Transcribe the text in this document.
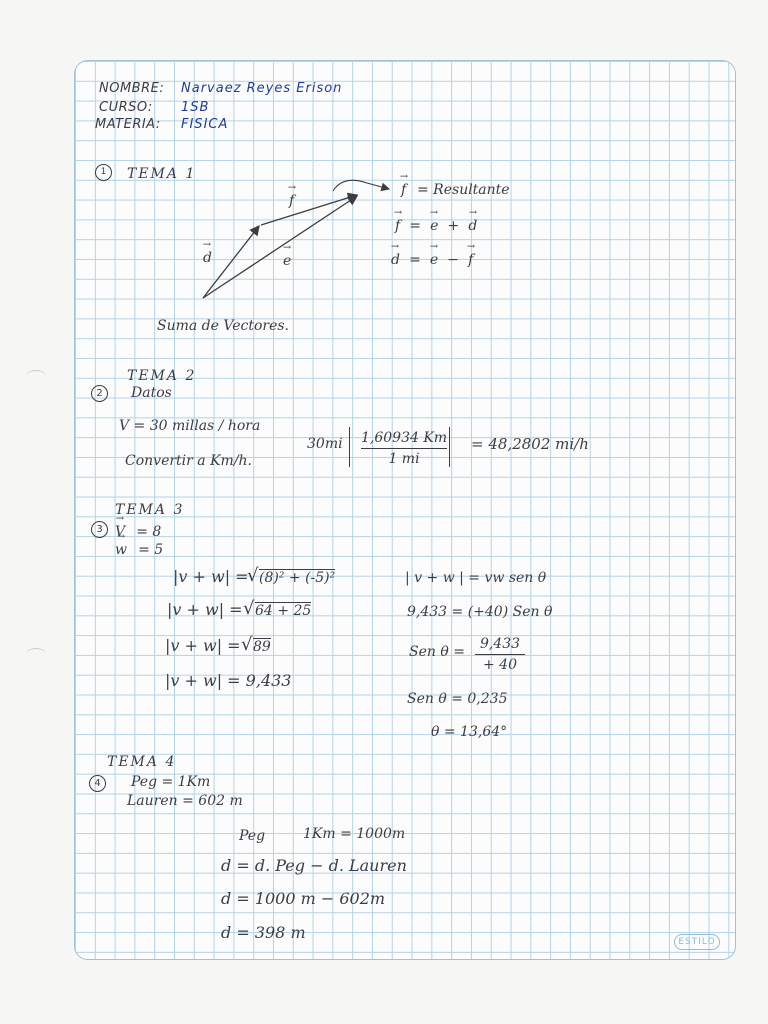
NOMBRE: Narvaez Reyes Erison
CURSO: 1SB
MATERIA: FISICA
1	TEMA 1
→ f
→ d	→ e
→ f = Resultante
→ f = → e + → d
→ d = → e − → f
Suma de Vectores.
TEMA 2
2	Datos
V = 30 millas / hora
Convertir a Km/h.
30mi 1,60934 Km
1 mi
= 48,2802 mi/h
TEMA 3
3 → V = 8
→ w = 5
|v + w| =
√ (8)² + (-5)²
|v + w| = √ 64 + 25
|v + w| = √ 89
|v + w| = 9,433
| v + w | = vw sen θ
9,433 = (+40) Sen θ
Sen θ =	9,433
+ 40
Sen θ = 0,235
θ = 13,64°
TEMA 4
4	Peg = 1Km
Lauren = 602 m
Peg	1Km = 1000m
d = d. Peg − d. Lauren
d = 1000 m − 602m
d = 398 m	ESTILO
